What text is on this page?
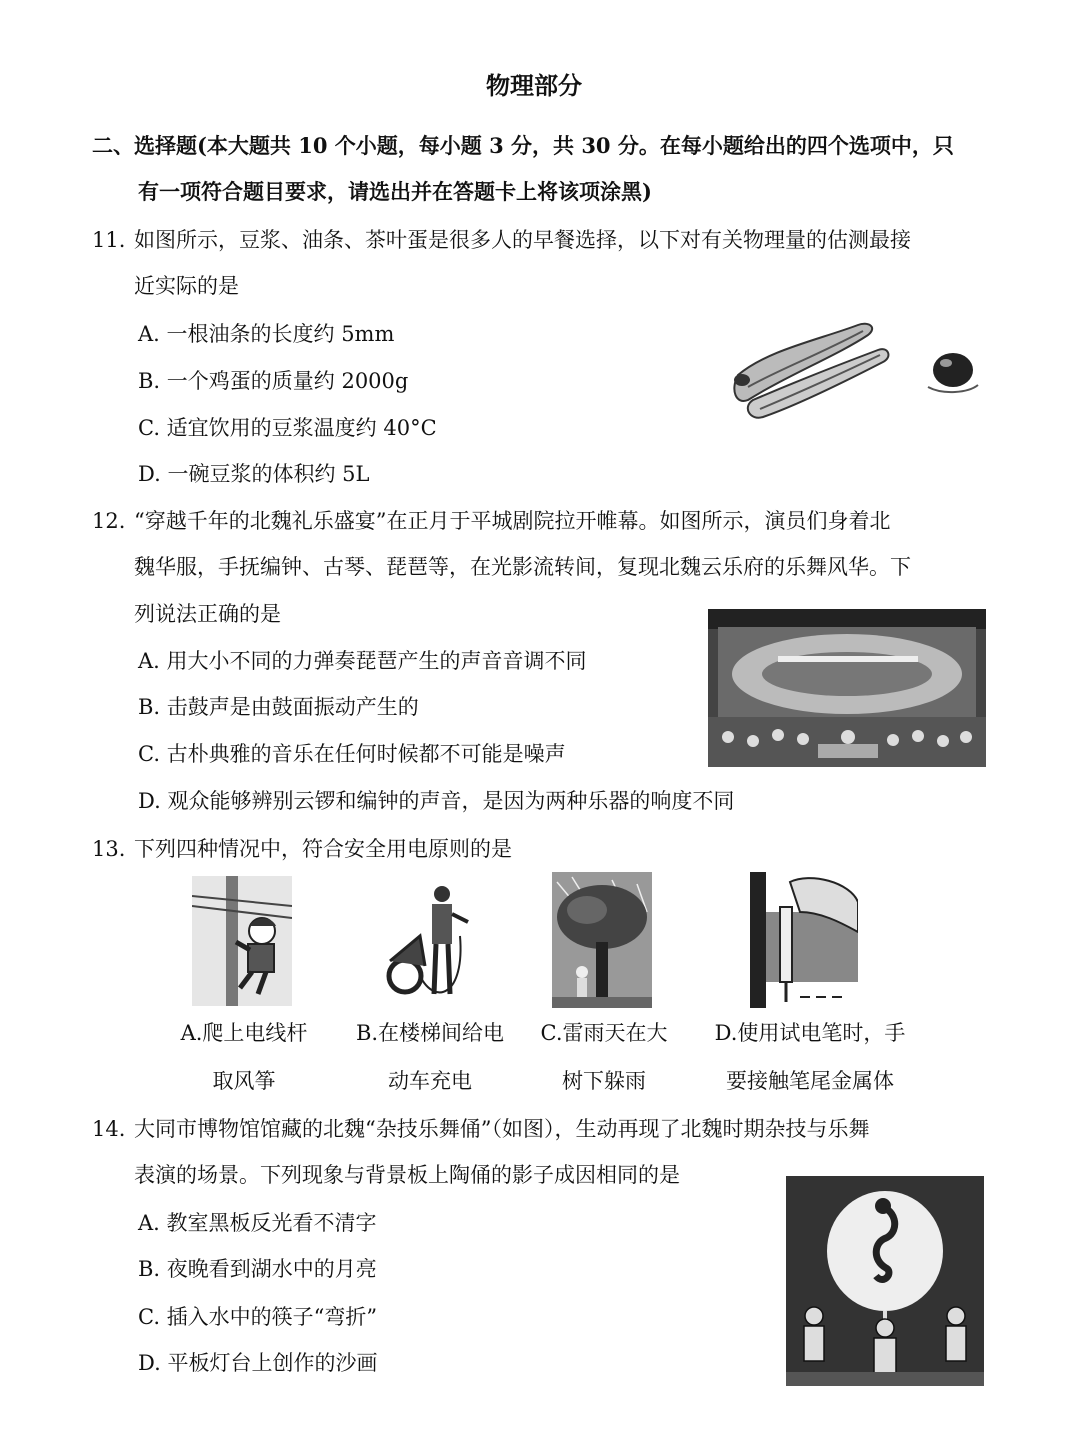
物理部分
二、选择题(本大题共 10 个小题，每小题 3 分，共 30 分。在每小题给出的四个选项中，只
有一项符合题目要求，请选出并在答题卡上将该项涂黑)
11. 如图所示，豆浆、油条、茶叶蛋是很多人的早餐选择，以下对有关物理量的估测最接
近实际的是
A. 一根油条的长度约 5mm
B. 一个鸡蛋的质量约 2000g
C. 适宜饮用的豆浆温度约 40°C
D. 一碗豆浆的体积约 5L
12. “穿越千年的北魏礼乐盛宴”在正月于平城剧院拉开帷幕。如图所示，演员们身着北
魏华服，手抚编钟、古琴、琵琶等，在光影流转间，复现北魏云乐府的乐舞风华。下
列说法正确的是
A. 用大小不同的力弹奏琵琶产生的声音音调不同
B. 击鼓声是由鼓面振动产生的
C. 古朴典雅的音乐在任何时候都不可能是噪声
D. 观众能够辨别云锣和编钟的声音，是因为两种乐器的响度不同
13. 下列四种情况中，符合安全用电原则的是
A.爬上电线杆
取风筝
B.在楼梯间给电
动车充电
C.雷雨天在大
树下躲雨
D.使用试电笔时，手
要接触笔尾金属体
14. 大同市博物馆馆藏的北魏“杂技乐舞俑”（如图），生动再现了北魏时期杂技与乐舞
表演的场景。下列现象与背景板上陶俑的影子成因相同的是
A. 教室黑板反光看不清字
B. 夜晚看到湖水中的月亮
C. 插入水中的筷子“弯折”
D. 平板灯台上创作的沙画
